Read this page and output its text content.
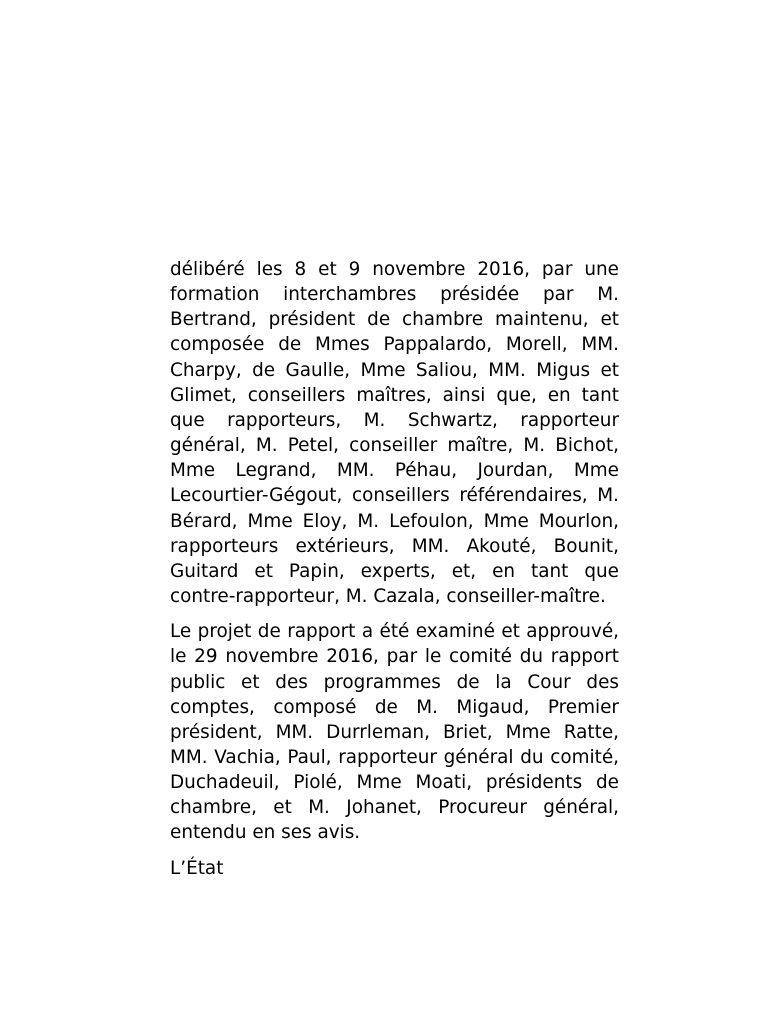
délibéré les 8 et 9 novembre 2016, par une formation interchambres présidée par M. Bertrand, président de chambre maintenu, et composée de Mmes Pappalardo, Morell, MM. Charpy, de Gaulle, Mme Saliou, MM. Migus et Glimet, conseillers maîtres, ainsi que, en tant que rapporteurs, M. Schwartz, rapporteur général, M. Petel, conseiller maître, M. Bichot, Mme Legrand, MM. Péhau, Jourdan, Mme Lecourtier-Gégout, conseillers référendaires, M. Bérard, Mme Eloy, M. Lefoulon, Mme Mourlon, rapporteurs extérieurs, MM. Akouté, Bounit, Guitard et Papin, experts, et, en tant que contre-rapporteur, M. Cazala, conseiller-maître.

Le projet de rapport a été examiné et approuvé, le 29 novembre 2016, par le comité du rapport public et des programmes de la Cour des comptes, composé de M. Migaud, Premier président, MM. Durrleman, Briet, Mme Ratte, MM. Vachia, Paul, rapporteur général du comité, Duchadeuil, Piolé, Mme Moati, présidents de chambre, et M. Johanet, Procureur général, entendu en ses avis.

L’État
